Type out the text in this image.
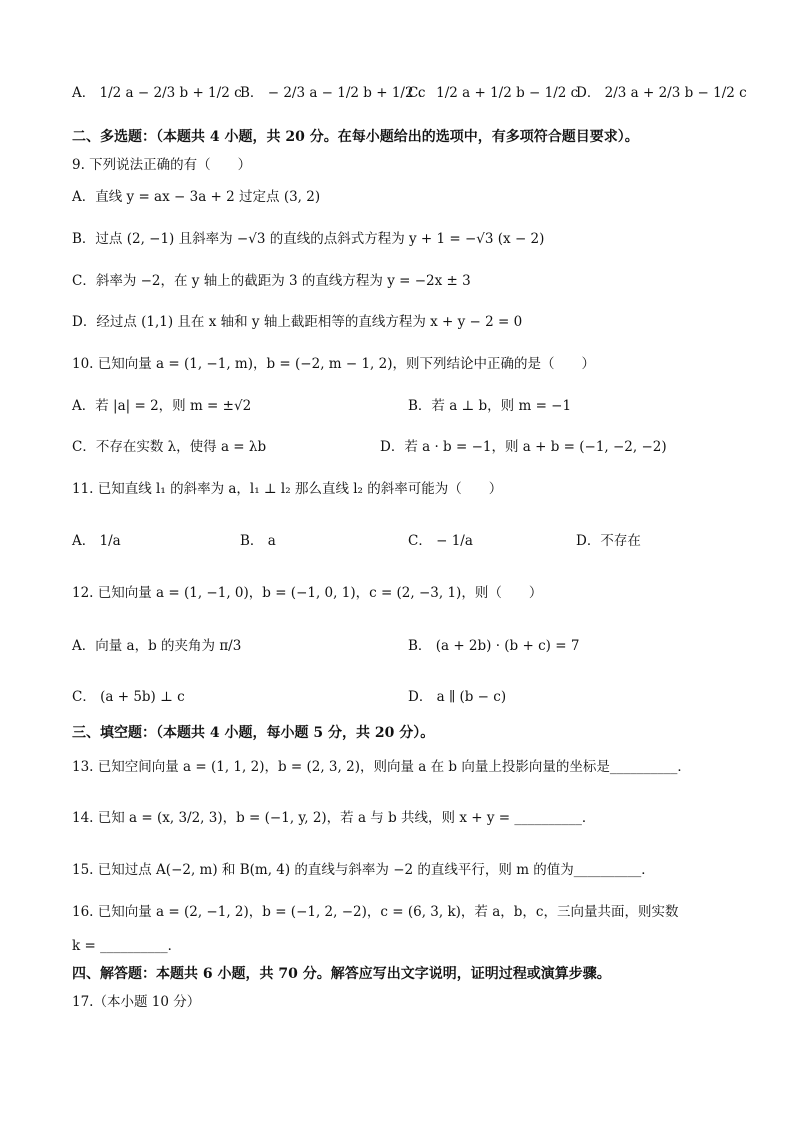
A． 1/2 a − 2/3 b + 1/2 c
B． − 2/3 a − 1/2 b + 1/2 c
C． 1/2 a + 1/2 b − 1/2 c
D． 2/3 a + 2/3 b − 1/2 c
二、多选题：（本题共 4 小题，共 20 分。在每小题给出的选项中，有多项符合题目要求）。
9. 下列说法正确的有（　　）
A．直线 y = ax − 3a + 2 过定点 (3, 2)
B．过点 (2, −1) 且斜率为 −√3 的直线的点斜式方程为 y + 1 = −√3 (x − 2)
C．斜率为 −2，在 y 轴上的截距为 3 的直线方程为 y = −2x ± 3
D．经过点 (1,1) 且在 x 轴和 y 轴上截距相等的直线方程为 x + y − 2 = 0
10. 已知向量 a = (1, −1, m)，b = (−2, m − 1, 2)，则下列结论中正确的是（　　）
A．若 |a| = 2，则 m = ±√2	B．若 a ⊥ b，则 m = −1
C．不存在实数 λ，使得 a = λb	D．若 a · b = −1，则 a + b = (−1, −2, −2)
11. 已知直线 l₁ 的斜率为 a，l₁ ⊥ l₂ 那么直线 l₂ 的斜率可能为（　　）
A． 1/a	B． a	C． − 1/a	D．不存在
12. 已知向量 a = (1, −1, 0)，b = (−1, 0, 1)，c = (2, −3, 1)，则（　　）
A．向量 a，b 的夹角为 π/3	B． (a + 2b) · (b + c) = 7
C． (a + 5b) ⊥ c	D． a ∥ (b − c)
三、填空题：（本题共 4 小题，每小题 5 分，共 20 分）。
13. 已知空间向量 a = (1, 1, 2)，b = (2, 3, 2)，则向量 a 在 b 向量上投影向量的坐标是__________．
14. 已知 a = (x, 3/2, 3)，b = (−1, y, 2)，若 a 与 b 共线，则 x + y = __________．
15. 已知过点 A(−2, m) 和 B(m, 4) 的直线与斜率为 −2 的直线平行，则 m 的值为__________．
16. 已知向量 a = (2, −1, 2)，b = (−1, 2, −2)，c = (6, 3, k)，若 a，b，c，三向量共面，则实数
k = __________．
四、解答题：本题共 6 小题，共 70 分。解答应写出文字说明，证明过程或演算步骤。
17.（本小题 10 分）
